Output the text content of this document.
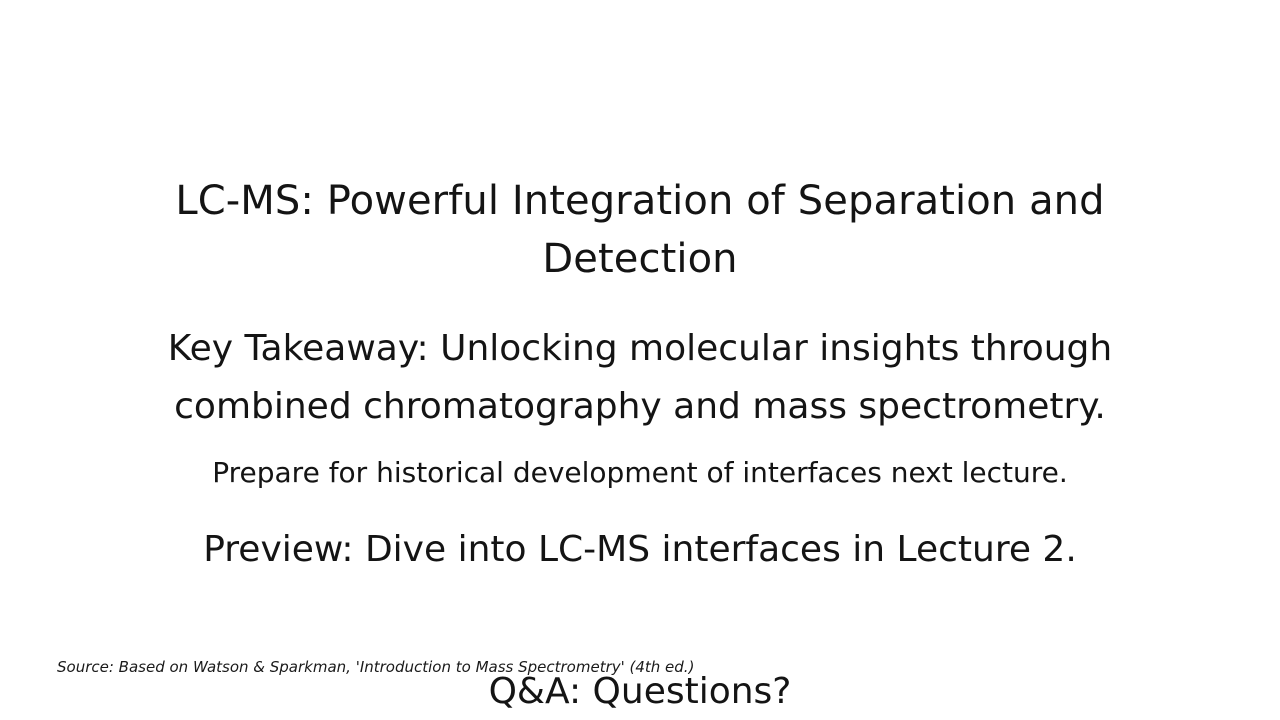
LC-MS: Powerful Integration of Separation and Detection
Key Takeaway: Unlocking molecular insights through combined chromatography and mass spectrometry.
Prepare for historical development of interfaces next lecture.
Preview: Dive into LC-MS interfaces in Lecture 2.
Source: Based on Watson & Sparkman, 'Introduction to Mass Spectrometry' (4th ed.)
Q&A: Questions?
